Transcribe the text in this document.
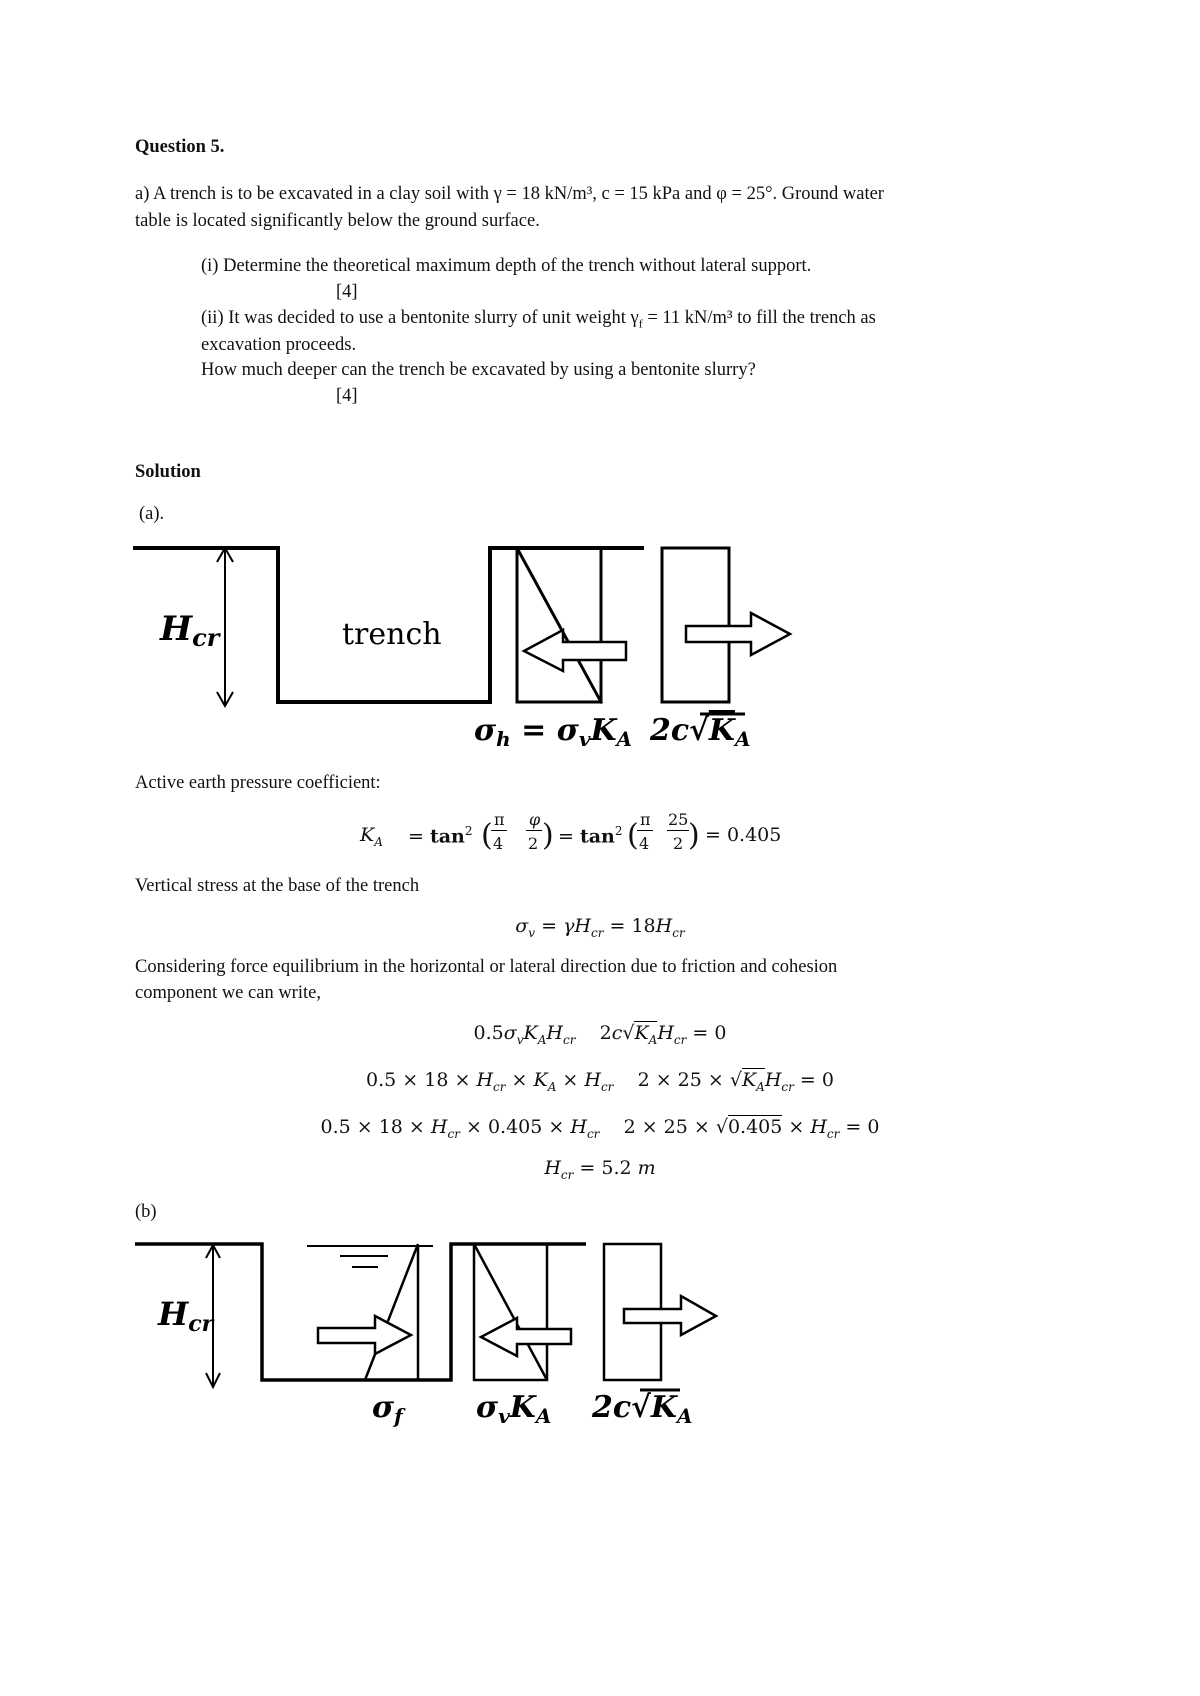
Question 5.
a) A trench is to be excavated in a clay soil with γ = 18 kN/m³, c = 15 kPa and φ = 25°. Ground water
table is located significantly below the ground surface.
(i) Determine the theoretical maximum depth of the trench without lateral support.
[4]
(ii) It was decided to use a bentonite slurry of unit weight $\gamma_f = 11$ kN/m³ to fill the trench as
excavation proceeds.
How much deeper can the trench be excavated by using a bentonite slurry?
[4]
Solution
(a).
Hcr	trench
$\sigma_h = \sigma_vK_A$ $2c√K_A$
Active earth pressure coefficient:
$K_A = \tan^2$ ( π
4
φ
2 ) = $\tan^2$ ( π
4
25
2 ) = 0.405
Vertical stress at the base of the trench
$\sigma_v = \gamma H_{cr} = 18H_{cr}$
Considering force equilibrium in the horizontal or lateral direction due to friction and cohesion
component we can write,
$0.5\sigma_vK_AH_{cr}$    $2c√K_AH_{cr} = 0$
$0.5 \times 18 \times H_{cr} \times K_A \times H_{cr}$    $2 \times 25 \times √K_AH_{cr} = 0$
$0.5 \times 18 \times H_{cr} \times 0.405 \times H_{cr}$    $2 \times 25 \times √0.405 \times H_{cr} = 0$
$H_{cr} = 5.2$ m
(b)
Hcr
$\sigma_f$ $\sigma_vK_A$ $2c√K_A$
